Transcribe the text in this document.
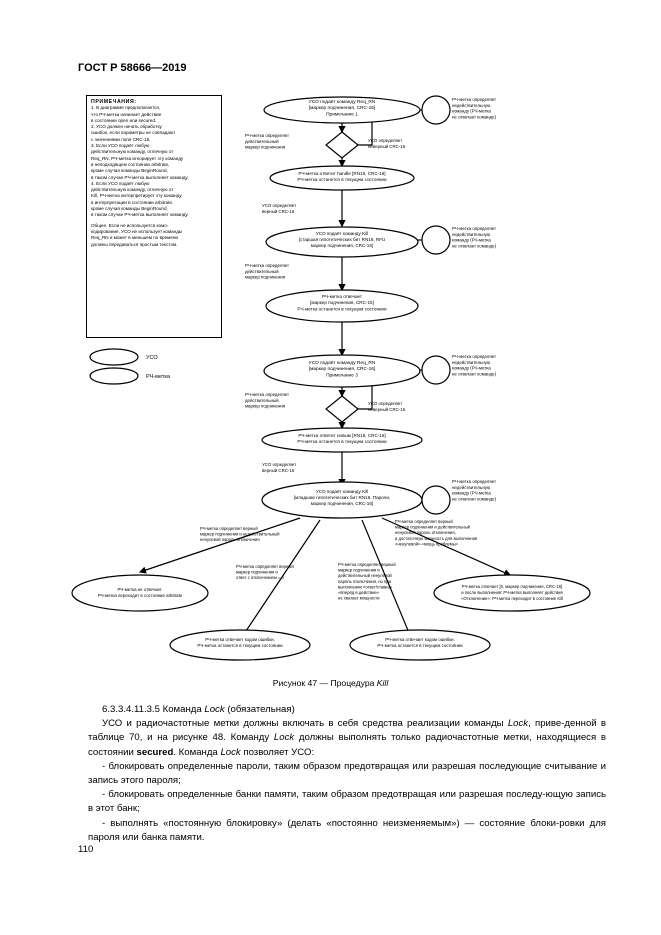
ГОСТ Р 58666—2019

ПРИМЕЧАНИЯ:

1. В диаграмме предполагается,

что РЧ-метка начинает действие

в состоянии open или secured.

2. УСО должен начать обработку

ошибок, если параметры не совпадают

с значениями поля CRC-16.

3. Если УСО подаёт любую

действительную команду, отличную от

Req_RN, РЧ-метка игнорирует эту команду

в неподходящем состоянии arbitrate,

кроме случая команды BeginRound,

в таком случае РЧ-метка выполняет команду.

4. Если УСО подаёт любую

действительную команду, отличную от

Kill, РЧ-метка интерпретирует эту команду

в интерпретации в состоянии arbitrate,

кроме случая команды BeginRound,

в таком случае РЧ-метка выполняет команду.

Общее. Если не используется комо-

кодирование, УСО не использует команды

Req_RN и может в меньшем по времени

должны передаваться простым текстом.

УСО подаёт команду Req_RN [маркер подчинения, CRC-16] Примечание 1
РЧ-метка определяет недействительную команду (РЧ-метка не отвечает команде)
РЧ-метка определяет действительный маркер подчинения
УСО определяет неверный CRC-16
РЧ-метка ответит handle [RN16, CRC-16] РЧ-метка останется в текущем состоянии
УСО определяет верный CRC-16
УСО подаёт команду Kill [старшая гипотетических бит RN16, RFU маркер подчинения, CRC-16]
РЧ-метка определяет недействительную команду (РЧ-метка не отвечает команде)
РЧ-метка определяет действительный маркер подчинения
РЧ-метка отвечает [маркер подчинения, CRC-16] РЧ-метка останется в текущем состоянии
УСО подаёт команду Req_RN [маркер подчинения, CRC-16] Примечание 3
РЧ-метка определяет недействительную команду (РЧ-метка не отвечает команде)
РЧ-метка определяет действительный маркер подчинения
УСО определяет неверный CRC-16
РЧ-метка ответит новым [RN16, CRC-16] РЧ-метка останется в текущем состоянии
УСО определяет верный CRC-16
УСО подаёт команду Kill [младшие гипотетических бит RN16, Пароли, маркер подчинения, CRC-16]
РЧ-метка определяет недействительную команду (РЧ-метка не отвечает команде)
РЧ-метка определяет верный маркер подчинения и недействительный ненулевой пароль отключения
РЧ-метка определяет верный маркер подчинения и действительный ненулевой пароль отключения, и достаточную мощность для выполнения «ненулевой»-«мощь проблемы»
РЧ-метка определяет верный маркер подчинения и ответ с отключением = 0
РЧ-метка определяет верный маркер подчинения и действительный ненулевой пароль отключения, но при выполнении «ответ/ставка» «вперёд в действие» не хватает мощности
РЧ-метка не отвечает. РЧ-метка переходит в состояние arbitrate
РЧ-метка отвечает [0, маркер подчинения, CRC-16] и после выполнения: РЧ-метка выполняет действия «Отключение»: РЧ-метка переходит в состояние Kill
РЧ-метка отвечает кодом ошибки. РЧ-метка останется в текущем состоянии
РЧ-метка отвечает кодом ошибки. РЧ-метка останется в текущем состоянии
УСО
РЧ-метка
Рисунок 47 — Процедура Kill

6.3.3.4.11.3.5 Команда Lock (обязательная)

УСО и радиочастотные метки должны включать в себя средства реализации команды Lock, приве-денной в таблице 70, и на рисунке 48. Команду Lock должны выполнять только радиочастотные метки, находящиеся в состоянии secured. Команда Lock позволяет УСО:

- блокировать определенные пароли, таким образом предотвращая или разрешая последующие считывание и запись этого пароля;

- блокировать определенные банки памяти, таким образом предотвращая или разрешая последу-ющую запись в этот банк;

- выполнять «постоянную блокировку» (делать «постоянно неизменяемым») — состояние блоки-ровки для пароля или банка памяти.

110
